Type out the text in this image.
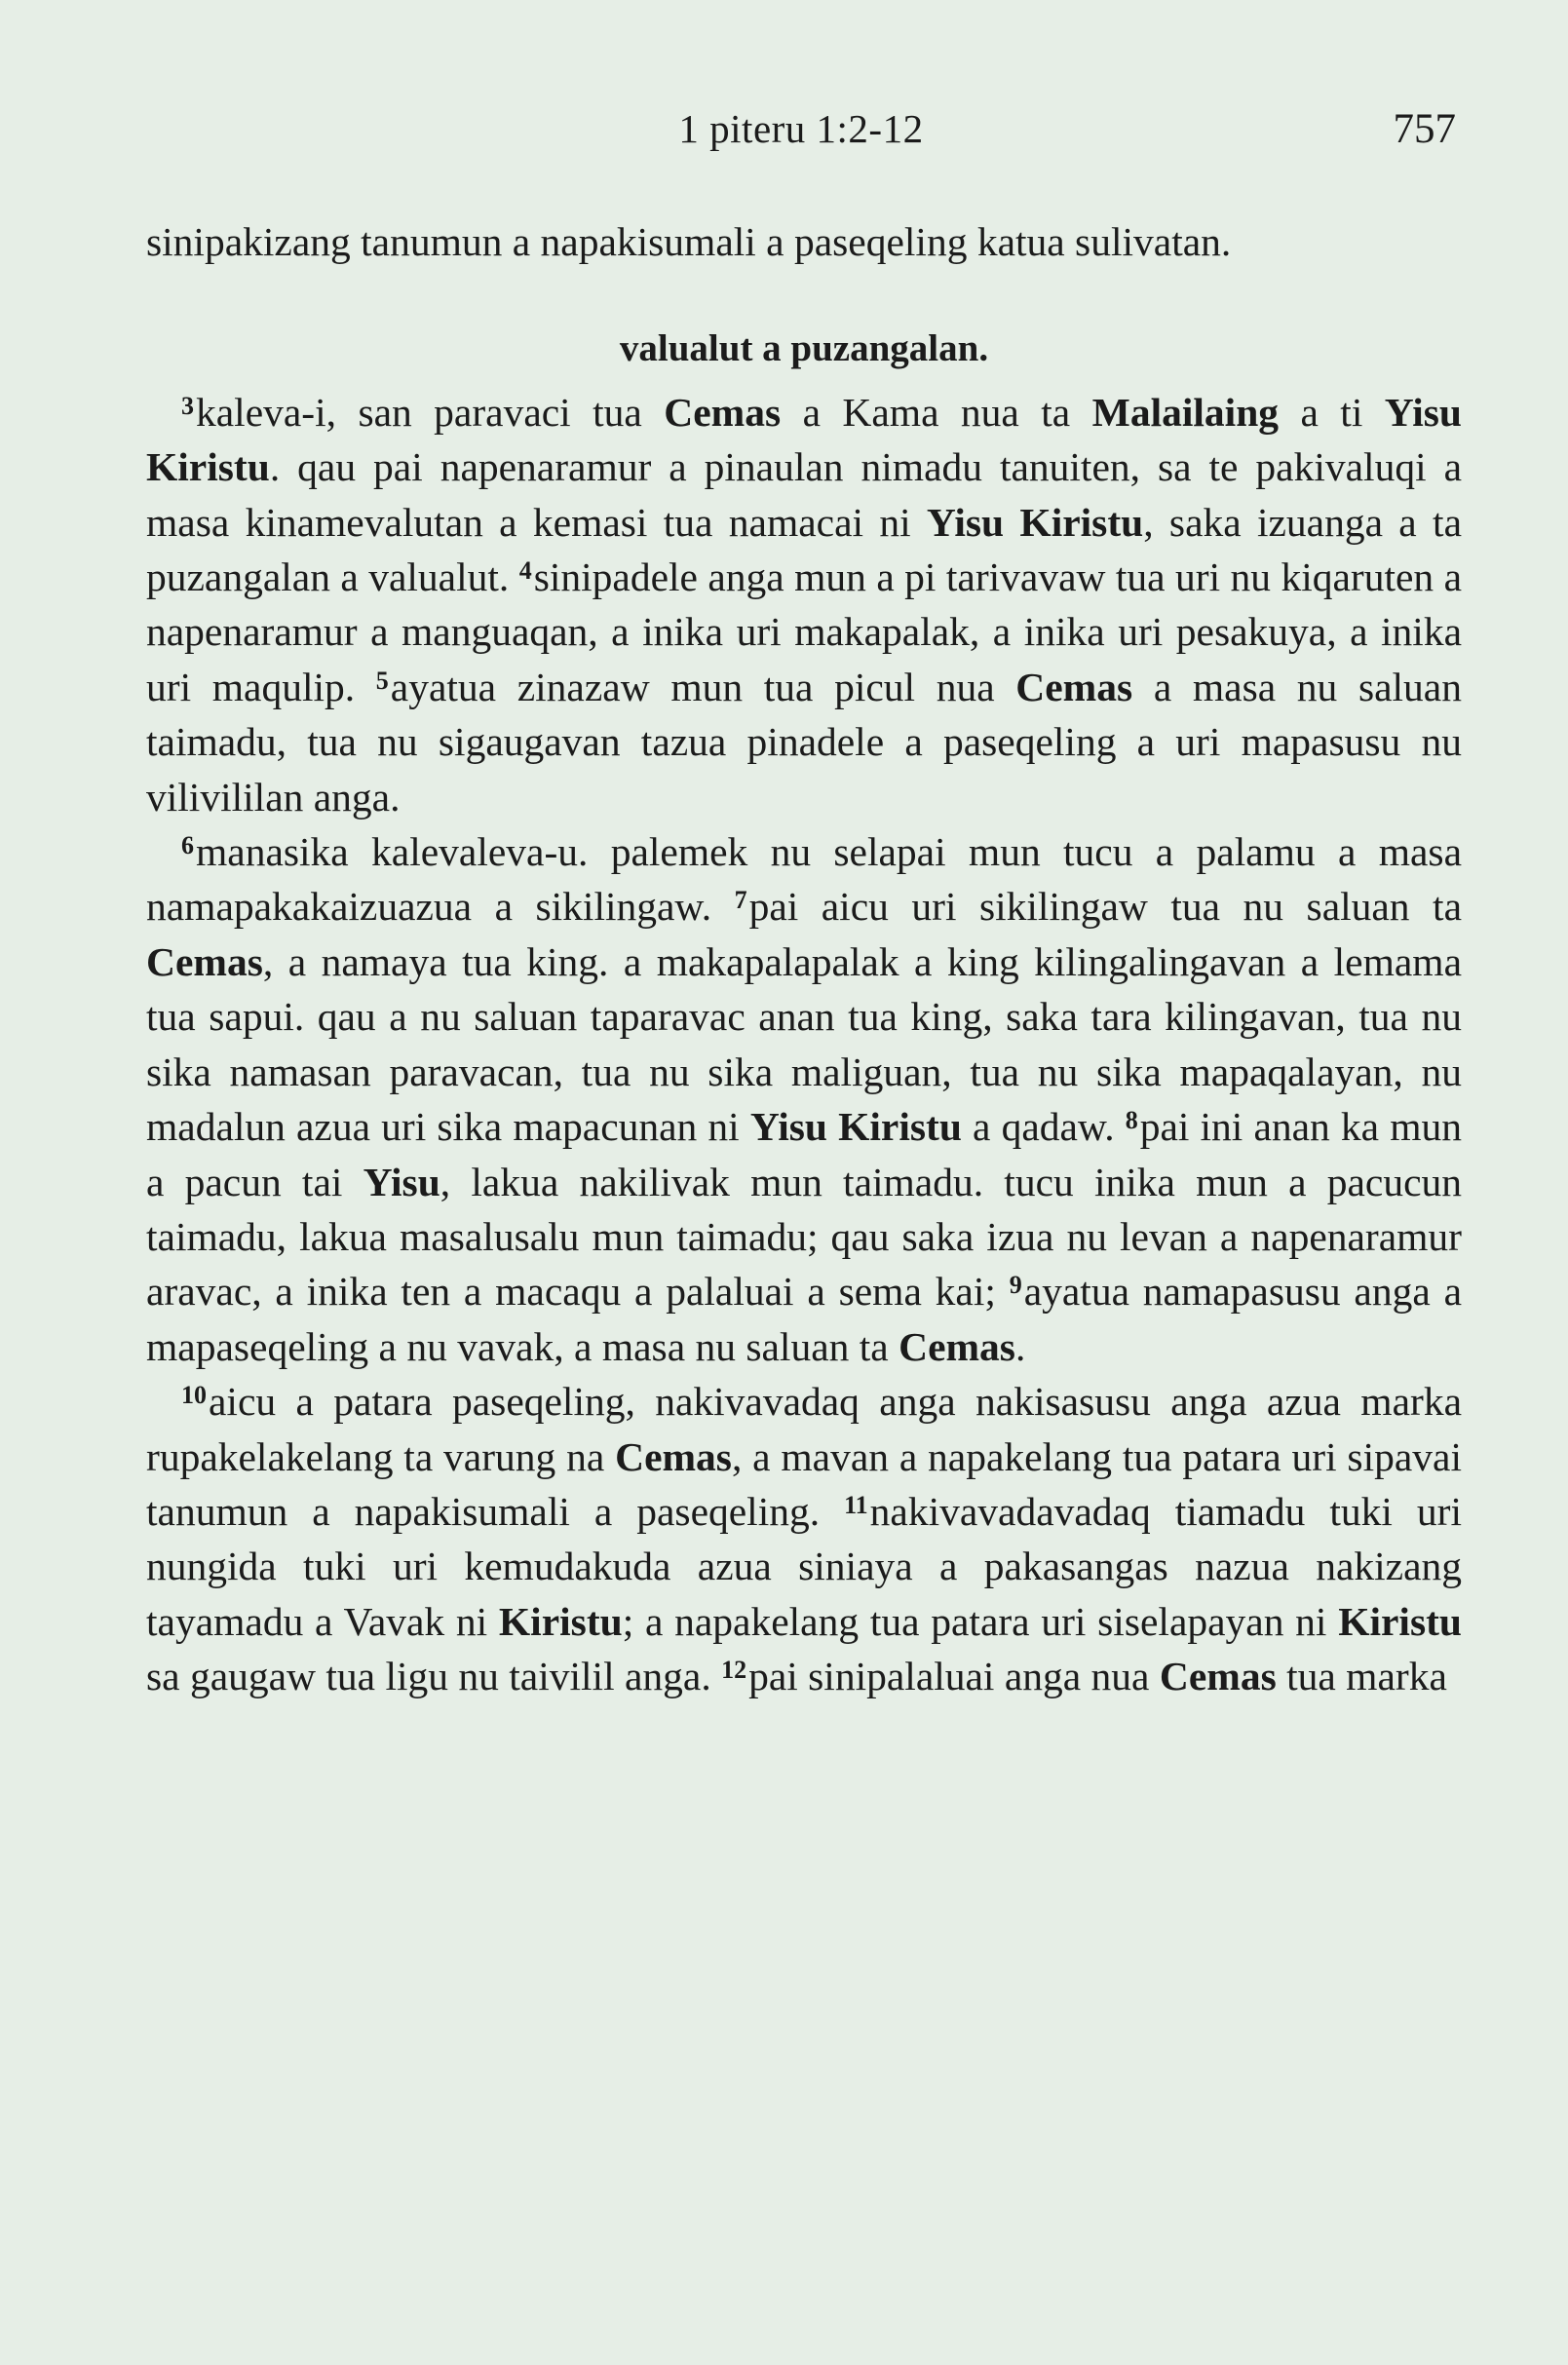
1 piteru 1:2-12	757

sinipakizang tanumun a napakisumali a paseqeling katua sulivatan.

valualut a puzangalan.

$^3$kaleva-i, san paravaci tua Cemas a Kama nua ta Malailaing a ti Yisu Kiristu. qau pai napenaramur a pinaulan nimadu tanuiten, sa te pakivaluqi a masa kinamevalutan a kemasi tua namacai ni Yisu Kiristu, saka izuanga a ta puzangalan a valualut. $^4$sinipadele anga mun a pi tarivavaw tua uri nu kiqaruten a napenaramur a manguaqan, a inika uri makapalak, a inika uri pesakuya, a inika uri maqulip. $^5$ayatua zinazaw mun tua picul nua Cemas a masa nu saluan taimadu, tua nu sigaugavan tazua pinadele a paseqeling a uri mapasusu nu vilivililan anga.

$^6$manasika kalevaleva-u. palemek nu selapai mun tucu a palamu a masa namapakakaizuazua a sikilingaw. $^7$pai aicu uri sikilingaw tua nu saluan ta Cemas, a namaya tua king. a makapalapalak a king kilingalingavan a lemama tua sapui. qau a nu saluan taparavac anan tua king, saka tara kilingavan, tua nu sika namasan paravacan, tua nu sika maliguan, tua nu sika mapaqalayan, nu madalun azua uri sika mapacunan ni Yisu Kiristu a qadaw. $^8$pai ini anan ka mun a pacun tai Yisu, lakua nakilivak mun taimadu. tucu inika mun a pacucun taimadu, lakua masalusalu mun taimadu; qau saka izua nu levan a napenaramur aravac, a inika ten a macaqu a palaluai a sema kai; $^9$ayatua namapasusu anga a mapaseqeling a nu vavak, a masa nu saluan ta Cemas.

$^{10}$aicu a patara paseqeling, nakivavadaq anga nakisasusu anga azua marka rupakelakelang ta varung na Cemas, a mavan a napakelang tua patara uri sipavai tanumun a napakisumali a paseqeling. $^{11}$nakivavadavadaq tiamadu tuki uri nungida tuki uri kemudakuda azua siniaya a pakasangas nazua nakizang tayamadu a Vavak ni Kiristu; a napakelang tua patara uri siselapayan ni Kiristu sa gaugaw tua ligu nu taivilil anga. $^{12}$pai sinipalaluai anga nua Cemas tua marka
